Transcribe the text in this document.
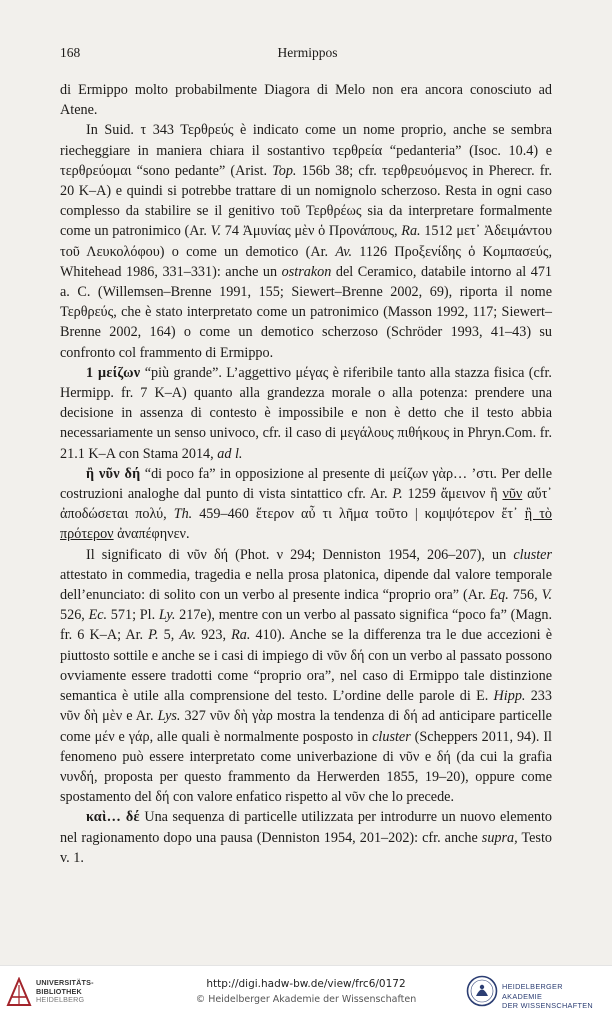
168	Hermippos

di Ermippo molto probabilmente Diagora di Melo non era ancora conosciuto ad Atene.

In Suid. τ 343 Τερθρεύς è indicato come un nome proprio, anche se sembra riecheggiare in maniera chiara il sostantivo τερθρεία “pedanteria” (Isoc. 10.4) e τερθρεύομαι “sono pedante” (Arist. Top. 156b 38; cfr. τερθρευόμενος in Pherecr. fr. 20 K–A) e quindi si potrebbe trattare di un nomignolo scherzoso. Resta in ogni caso complesso da stabilire se il genitivo τοῦ Τερθρέως sia da interpretare formalmente come un patronimico (Ar. V. 74 Ἀμυνίας μὲν ὁ Προνάπους, Ra. 1512 μετ᾽ Ἀδειμάντου τοῦ Λευκολόφου) o come un demotico (Ar. Av. 1126 Προξενίδης ὁ Κομπασεύς, Whitehead 1986, 331–331): anche un ostrakon del Ceramico, databile intorno al 471 a. C. (Willemsen–Brenne 1991, 155; Siewert–Brenne 2002, 69), riporta il nome Τερθρεύς, che è stato interpretato come un patronimico (Masson 1992, 117; Siewert–Brenne 2002, 164) o come un demotico scherzoso (Schröder 1993, 41–43) su confronto col frammento di Ermippo.

1 μείζων “più grande”. L’aggettivo μέγας è riferibile tanto alla stazza fisica (cfr. Hermipp. fr. 7 K–A) quanto alla grandezza morale o alla potenza: prendere una decisione in assenza di contesto è impossibile e non è detto che il testo abbia necessariamente un senso univoco, cfr. il caso di μεγάλους πιθήκους in Phryn.Com. fr. 21.1 K–A con Stama 2014, ad l.

ἢ νῦν δή “di poco fa” in opposizione al presente di μείζων γὰρ… ’στι. Per delle costruzioni analoghe dal punto di vista sintattico cfr. Ar. P. 1259 ἄμεινον ἢ νῦν αὔτ᾽ ἀποδώσεται πολύ, Th. 459–460 ἕτερον αὖ τι λῆμα τοῦτο | κομψότερον ἔτ᾽ ἢ τὸ πρότερον ἀναπέφηνεν.

Il significato di νῦν δή (Phot. ν 294; Denniston 1954, 206–207), un cluster attestato in commedia, tragedia e nella prosa platonica, dipende dal valore temporale dell’enunciato: di solito con un verbo al presente indica “proprio ora” (Ar. Eq. 756, V. 526, Ec. 571; Pl. Ly. 217e), mentre con un verbo al passato significa “poco fa” (Magn. fr. 6 K–A; Ar. P. 5, Av. 923, Ra. 410). Anche se la differenza tra le due accezioni è piuttosto sottile e anche se i casi di impiego di νῦν δή con un verbo al passato possono ovviamente essere tradotti come “proprio ora”, nel caso di Ermippo tale distinzione semantica è utile alla comprensione del testo. L’ordine delle parole di E. Hipp. 233 νῦν δὴ μὲν e Ar. Lys. 327 νῦν δὴ γὰρ mostra la tendenza di δή ad anticipare particelle come μέν e γάρ, alle quali è normalmente posposto in cluster (Scheppers 2011, 94). Il fenomeno può essere interpretato come univerbazione di νῦν e δή (da cui la grafia νυνδή, proposta per questo frammento da Herwerden 1855, 19–20), oppure come spostamento del δή con valore enfatico rispetto al νῦν che lo precede.

καὶ… δέ Una sequenza di particelle utilizzata per introdurre un nuovo elemento nel ragionamento dopo una pausa (Denniston 1954, 201–202): cfr. anche supra, Testo v. 1.

UNIVERSITÄTS-
BIBLIOTHEK
HEIDELBERG
http://digi.hadw-bw.de/view/frc6/0172
© Heidelberger Akademie der Wissenschaften
HEIDELBERGER AKADEMIE
DER WISSENSCHAFTEN
